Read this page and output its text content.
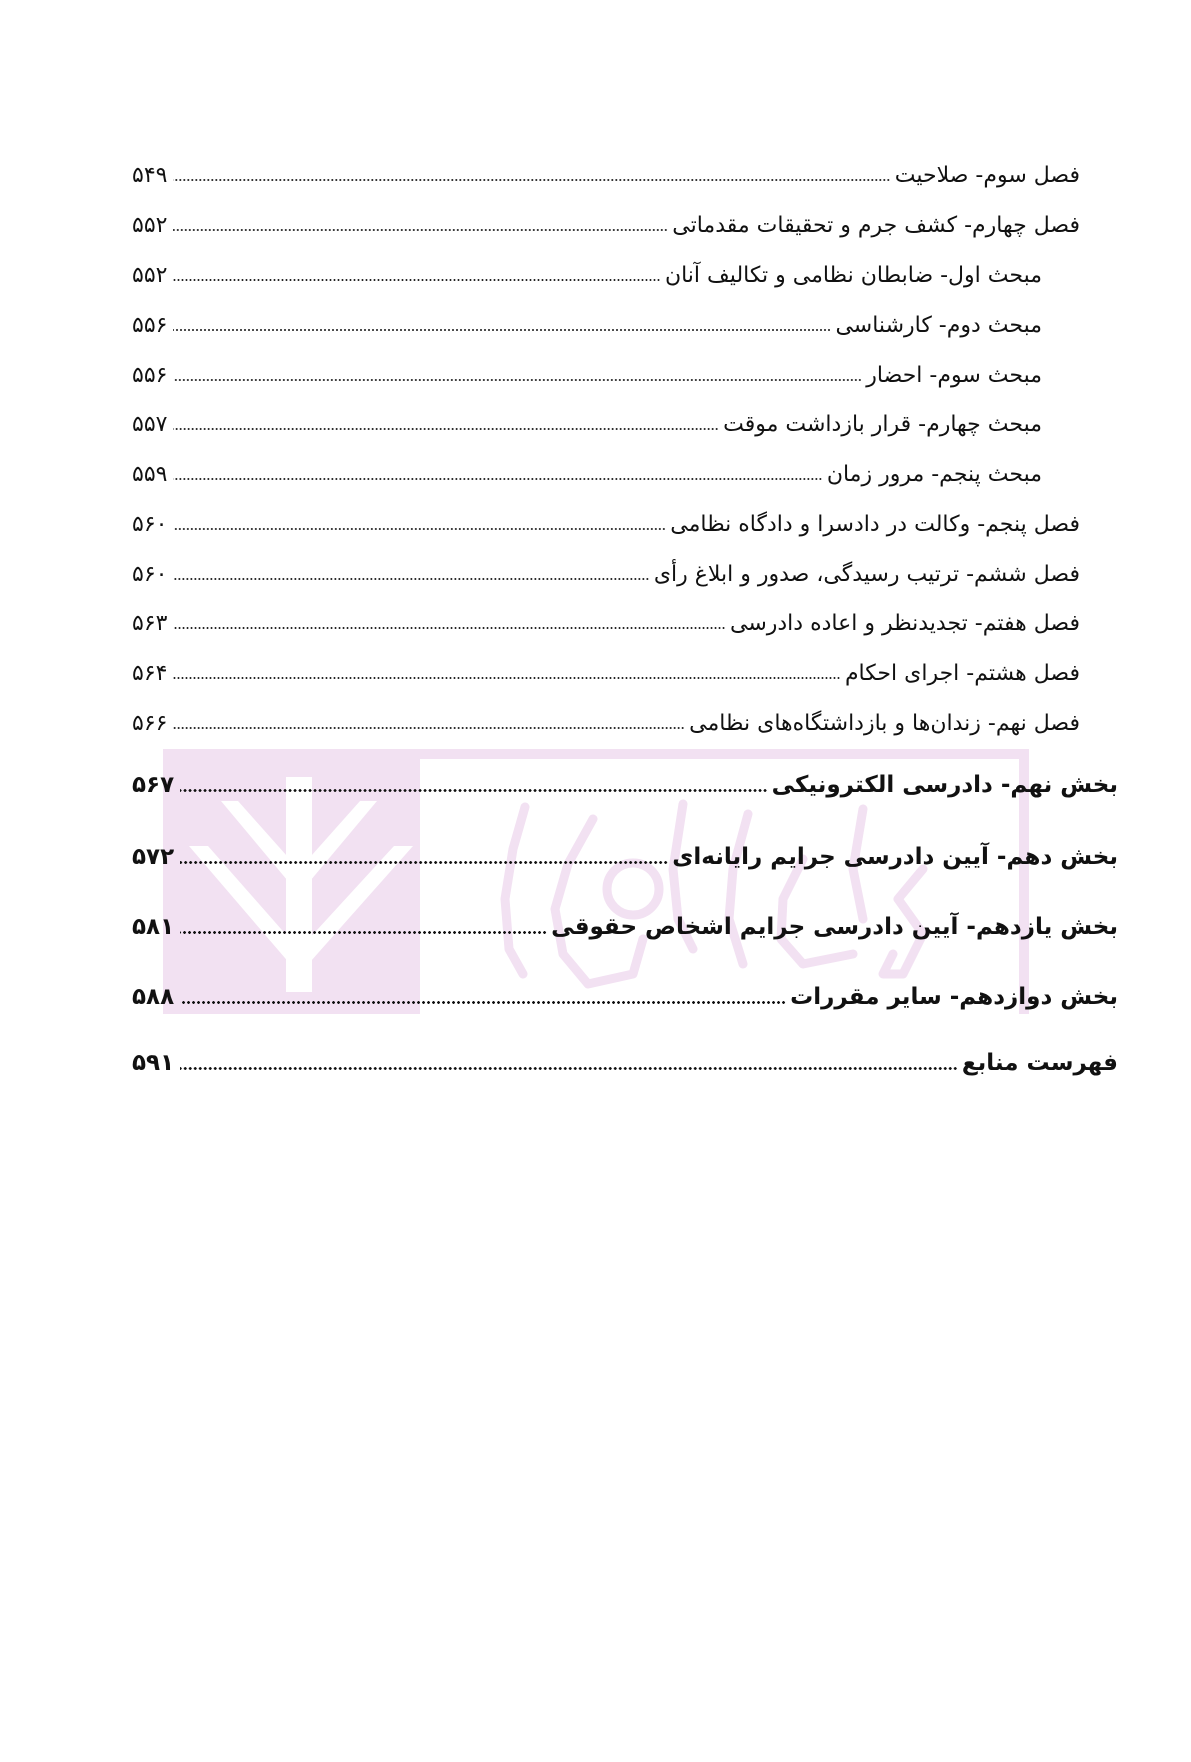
فصل سوم- صلاحیت
۵۴۹
فصل چهارم- کشف جرم و تحقیقات مقدماتی
۵۵۲
مبحث اول- ضابطان نظامی و تکالیف آنان
۵۵۲
مبحث دوم- کارشناسی
۵۵۶
مبحث سوم- احضار
۵۵۶
مبحث چهارم- قرار بازداشت موقت
۵۵۷
مبحث پنجم- مرور زمان
۵۵۹
فصل پنجم- وکالت در دادسرا و دادگاه نظامی
۵۶۰
فصل ششم- ترتیب رسیدگی، صدور و ابلاغ رأی
۵۶۰
فصل هفتم- تجدیدنظر و اعاده دادرسی
۵۶۳
فصل هشتم- اجرای احکام
۵۶۴
فصل نهم- زندان‌ها و بازداشتگاه‌های نظامی
۵۶۶
بخش نهم- دادرسی الکترونیکی
۵۶۷
بخش دهم- آیین دادرسی جرایم رایانه‌ای
۵۷۲
بخش یازدهم- آیین دادرسی جرایم اشخاص حقوقی
۵۸۱
بخش دوازدهم- سایر مقررات
۵۸۸
فهرست منابع
۵۹۱
